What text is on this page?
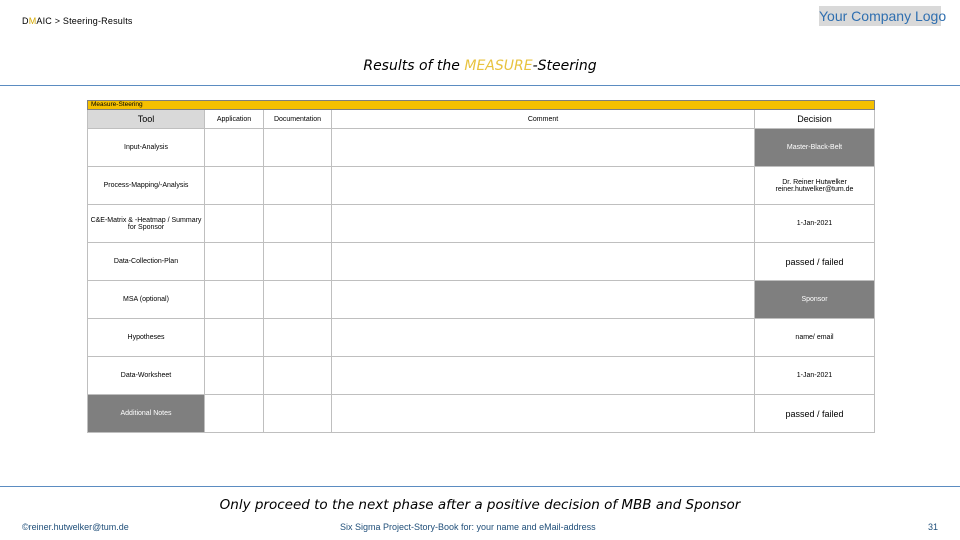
DMAIC > Steering-Results	Your Company Logo
Results of the MEASURE-Steering
Measure-Steering				
Tool	Application	Documentation	Comment	Decision
Input-Analysis				Master-Black-Belt
Process-Mapping/-Analysis				Dr. Reiner Hutwelker
reiner.hutwelker@tum.de
C&E-Matrix & -Heatmap / Summary for Sponsor				1-Jan-2021
Data-Collection-Plan				passed / failed
MSA (optional)				Sponsor
Hypotheses				name/ email
Data-Worksheet				1-Jan-2021
Additional Notes				passed / failed
Only proceed to the next phase after a positive decision of MBB and Sponsor
©reiner.hutwelker@tum.de	Six Sigma Project-Story-Book for: your name and eMail-address	31
